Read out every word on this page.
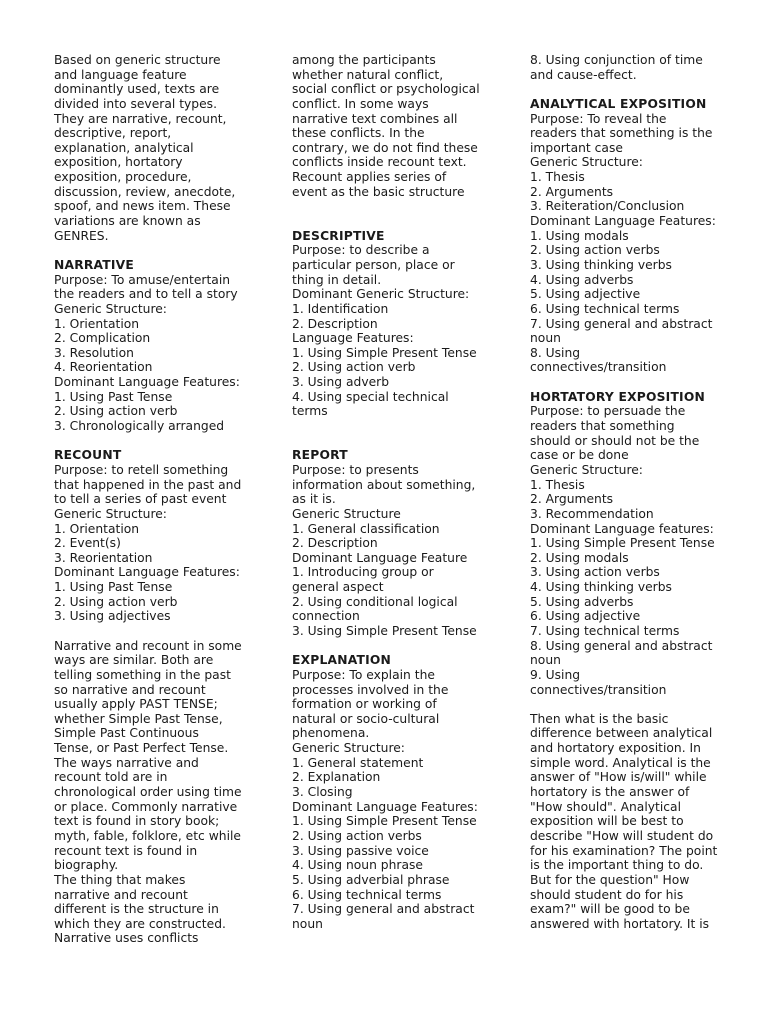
Based on generic structure
and language feature
dominantly used, texts are
divided into several types.
They are narrative, recount,
descriptive, report,
explanation, analytical
exposition, hortatory
exposition, procedure,
discussion, review, anecdote,
spoof, and news item. These
variations are known as
GENRES.
NARRATIVE
Purpose: To amuse/entertain
the readers and to tell a story
Generic Structure:
1. Orientation
2. Complication
3. Resolution
4. Reorientation
Dominant Language Features:
1. Using Past Tense
2. Using action verb
3. Chronologically arranged
RECOUNT
Purpose: to retell something
that happened in the past and
to tell a series of past event
Generic Structure:
1. Orientation
2. Event(s)
3. Reorientation
Dominant Language Features:
1. Using Past Tense
2. Using action verb
3. Using adjectives
Narrative and recount in some
ways are similar. Both are
telling something in the past
so narrative and recount
usually apply PAST TENSE;
whether Simple Past Tense,
Simple Past Continuous
Tense, or Past Perfect Tense.
The ways narrative and
recount told are in
chronological order using time
or place. Commonly narrative
text is found in story book;
myth, fable, folklore, etc while
recount text is found in
biography.
The thing that makes
narrative and recount
different is the structure in
which they are constructed.
Narrative uses conflicts
among the participants
whether natural conflict,
social conflict or psychological
conflict. In some ways
narrative text combines all
these conflicts. In the
contrary, we do not find these
conflicts inside recount text.
Recount applies series of
event as the basic structure
DESCRIPTIVE
Purpose: to describe a
particular person, place or
thing in detail.
Dominant Generic Structure:
1. Identification
2. Description
Language Features:
1. Using Simple Present Tense
2. Using action verb
3. Using adverb
4. Using special technical
terms
REPORT
Purpose: to presents
information about something,
as it is.
Generic Structure
1. General classification
2. Description
Dominant Language Feature
1. Introducing group or
general aspect
2. Using conditional logical
connection
3. Using Simple Present Tense
EXPLANATION
Purpose: To explain the
processes involved in the
formation or working of
natural or socio-cultural
phenomena.
Generic Structure:
1. General statement
2. Explanation
3. Closing
Dominant Language Features:
1. Using Simple Present Tense
2. Using action verbs
3. Using passive voice
4. Using noun phrase
5. Using adverbial phrase
6. Using technical terms
7. Using general and abstract
noun
8. Using conjunction of time
and cause-effect.
ANALYTICAL EXPOSITION
Purpose: To reveal the
readers that something is the
important case
Generic Structure:
1. Thesis
2. Arguments
3. Reiteration/Conclusion
Dominant Language Features:
1. Using modals
2. Using action verbs
3. Using thinking verbs
4. Using adverbs
5. Using adjective
6. Using technical terms
7. Using general and abstract
noun
8. Using
connectives/transition
HORTATORY EXPOSITION
Purpose: to persuade the
readers that something
should or should not be the
case or be done
Generic Structure:
1. Thesis
2. Arguments
3. Recommendation
Dominant Language features:
1. Using Simple Present Tense
2. Using modals
3. Using action verbs
4. Using thinking verbs
5. Using adverbs
6. Using adjective
7. Using technical terms
8. Using general and abstract
noun
9. Using
connectives/transition
Then what is the basic
difference between analytical
and hortatory exposition. In
simple word. Analytical is the
answer of "How is/will" while
hortatory is the answer of
"How should". Analytical
exposition will be best to
describe "How will student do
for his examination? The point
is the important thing to do.
But for the question" How
should student do for his
exam?" will be good to be
answered with hortatory. It is
